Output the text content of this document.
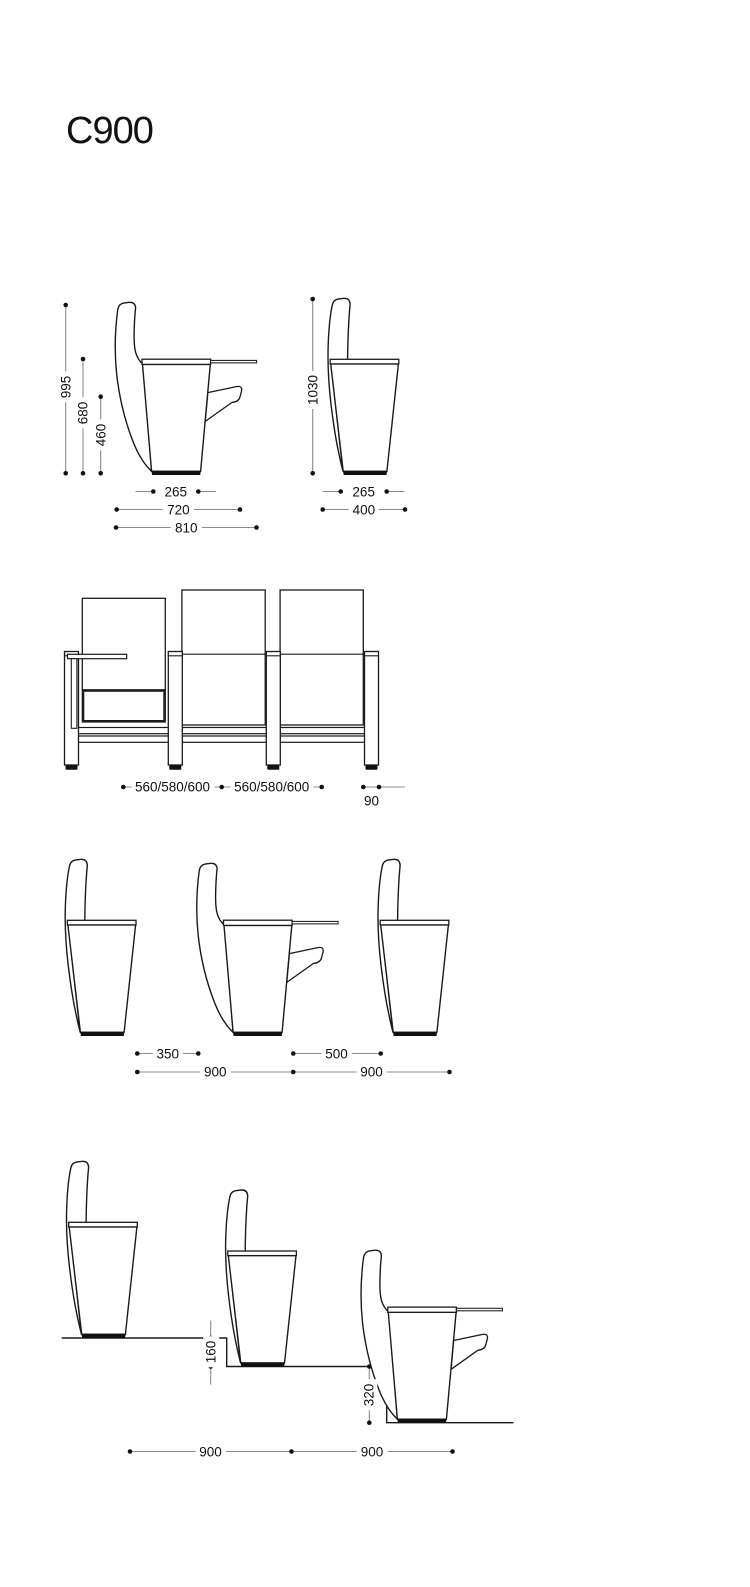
C900
995
680
460
265
720
810
1030
265
400
560/580/600 560/580/600
90
350	500
900	900
160
320
900	900
